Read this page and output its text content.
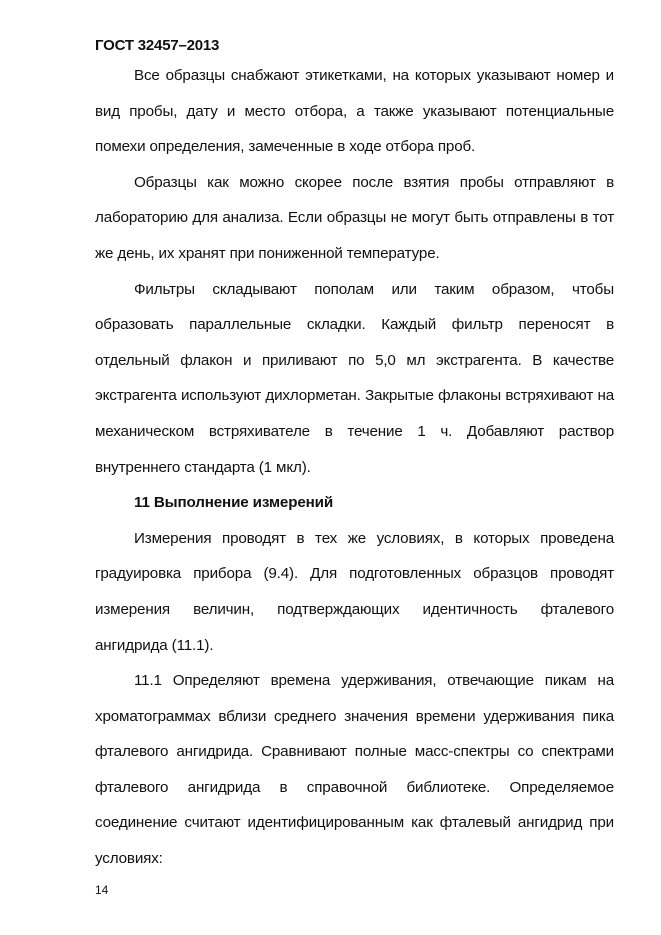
ГОСТ 32457–2013

Все образцы снабжают этикетками, на которых указывают номер и вид пробы, дату и место отбора, а также указывают потенциальные помехи определения, замеченные в ходе отбора проб.

Образцы как можно скорее после взятия пробы отправляют в лабораторию для анализа. Если образцы не могут быть отправлены в тот же день, их хранят при пониженной температуре.

Фильтры складывают пополам или таким образом, чтобы образовать параллельные складки. Каждый фильтр переносят в отдельный флакон и приливают по 5,0 мл экстрагента. В качестве экстрагента используют дихлорметан. Закрытые флаконы встряхивают на механическом встряхивателе в течение 1 ч. Добавляют раствор внутреннего стандарта (1 мкл).

11 Выполнение измерений

Измерения проводят в тех же условиях, в которых проведена градуировка прибора (9.4). Для подготовленных образцов проводят измерения величин, подтверждающих идентичность фталевого ангидрида (11.1).

11.1 Определяют времена удерживания, отвечающие пикам на хроматограммах вблизи среднего значения времени удерживания пика фталевого ангидрида. Сравнивают полные масс-спектры со спектрами фталевого ангидрида в справочной библиотеке. Определяемое соединение считают идентифицированным как фталевый ангидрид при условиях:

14
